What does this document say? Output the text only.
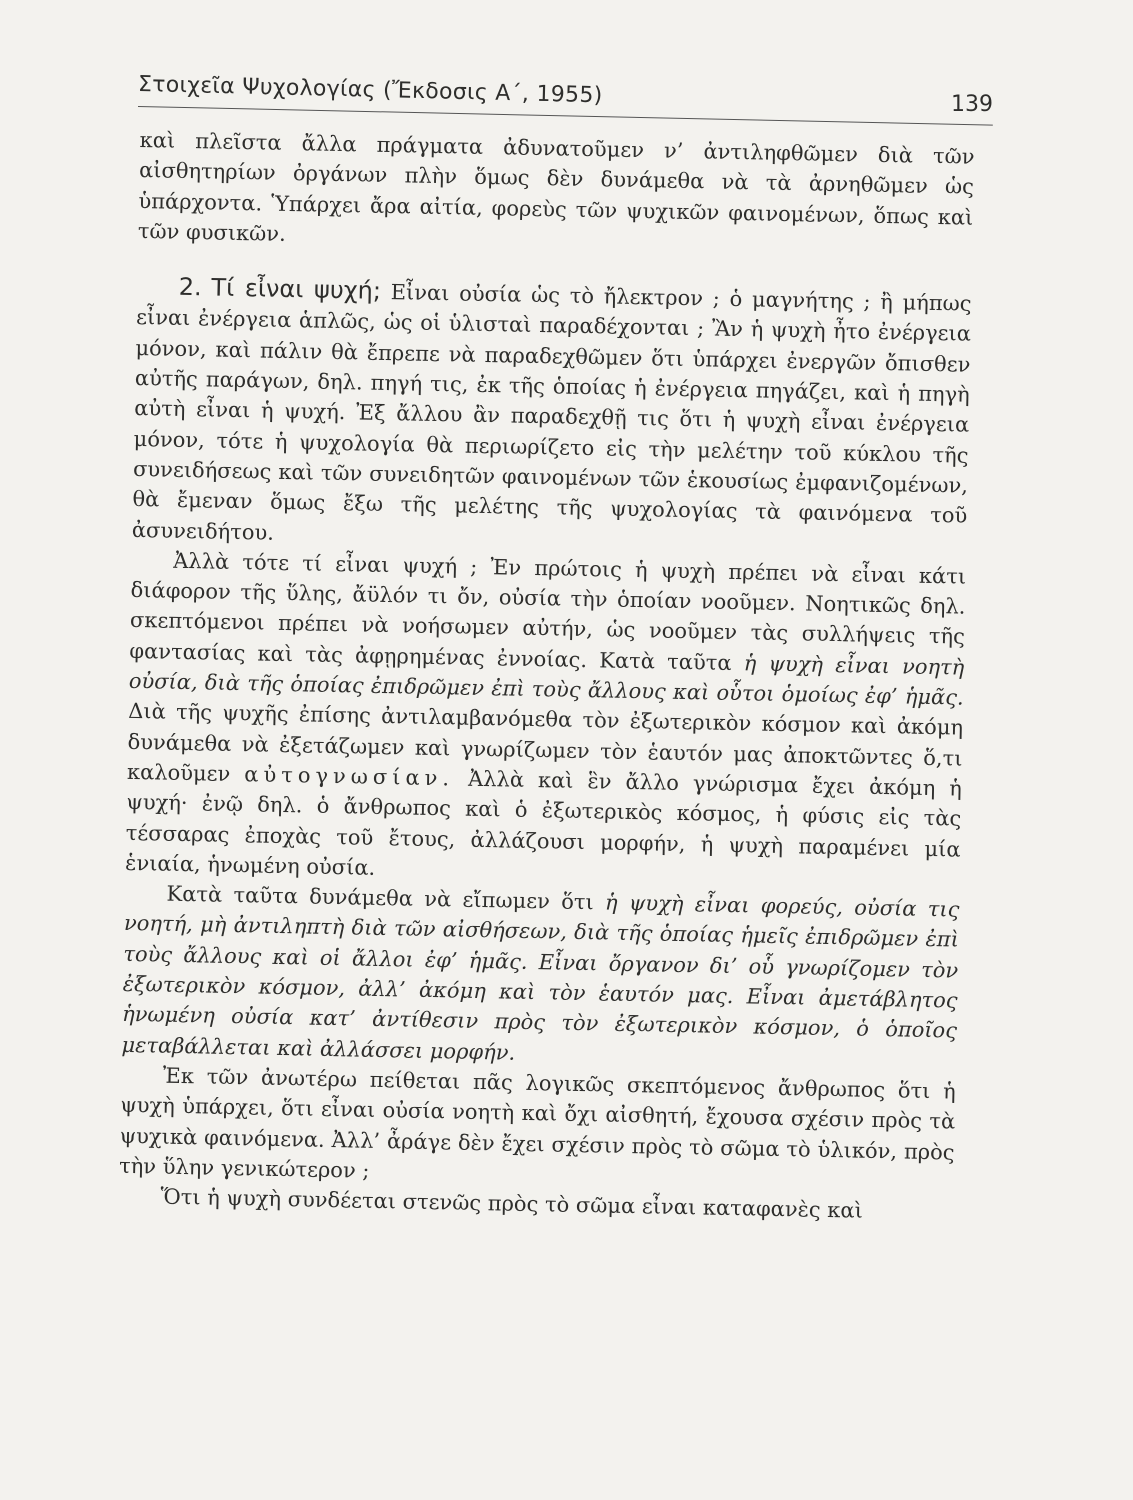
Στοιχεῖα Ψυχολογίας (Ἔκδοσις Α΄, 1955)	139

καὶ πλεῖστα ἄλλα πράγματα ἀδυνατοῦμεν ν’ ἀντιληφθῶμεν διὰ τῶν αἰσθητηρίων ὀργάνων πλὴν ὅμως δὲν δυνάμεθα νὰ τὰ ἀρνηθῶμεν ὡς ὑπάρχοντα. Ὑπάρχει ἄρα αἰτία, φορεὺς τῶν ψυχικῶν φαινομένων, ὅπως καὶ τῶν φυσικῶν.

2. Τί εἶναι ψυχή; Εἶναι οὐσία ὡς τὸ ἤλεκτρον ; ὁ μαγνήτης ; ἢ μήπως εἶναι ἐνέργεια ἁπλῶς, ὡς οἱ ὑλισταὶ παραδέχονται ; Ἂν ἡ ψυχὴ ἦτο ἐνέργεια μόνον, καὶ πάλιν θὰ ἔπρεπε νὰ παραδεχθῶμεν ὅτι ὑπάρχει ἐνεργῶν ὄπισθεν αὐτῆς παράγων, δηλ. πηγή τις, ἐκ τῆς ὁποίας ἡ ἐνέργεια πηγάζει, καὶ ἡ πηγὴ αὐτὴ εἶναι ἡ ψυχή. Ἐξ ἄλλου ἂν παραδεχθῇ τις ὅτι ἡ ψυχὴ εἶναι ἐνέργεια μόνον, τότε ἡ ψυχολογία θὰ περιωρίζετο εἰς τὴν μελέτην τοῦ κύκλου τῆς συνειδήσεως καὶ τῶν συνειδητῶν φαινομένων τῶν ἑκουσίως ἐμφανιζομένων, θὰ ἔμεναν ὅμως ἔξω τῆς μελέτης τῆς ψυχολογίας τὰ φαινόμενα τοῦ ἀσυνειδήτου.

Ἀλλὰ τότε τί εἶναι ψυχή ; Ἐν πρώτοις ἡ ψυχὴ πρέπει νὰ εἶναι κάτι διάφορον τῆς ὕλης, ἄϋλόν τι ὄν, οὐσία τὴν ὁποίαν νοοῦμεν. Νοητικῶς δηλ. σκεπτόμενοι πρέπει νὰ νοήσωμεν αὐτήν, ὡς νοοῦμεν τὰς συλλήψεις τῆς φαντασίας καὶ τὰς ἀφῃρημένας ἐννοίας. Κατὰ ταῦτα ἡ ψυχὴ εἶναι νοητὴ οὐσία, διὰ τῆς ὁποίας ἐπιδρῶμεν ἐπὶ τοὺς ἄλλους καὶ οὗτοι ὁμοίως ἐφ’ ἡμᾶς. Διὰ τῆς ψυχῆς ἐπίσης ἀντιλαμβανόμεθα τὸν ἐξωτερικὸν κόσμον καὶ ἀκόμη δυνάμεθα νὰ ἐξετάζωμεν καὶ γνωρίζωμεν τὸν ἑαυτόν μας ἀποκτῶντες ὅ,τι καλοῦμεν αὐτογνωσίαν. Ἀλλὰ καὶ ἓν ἄλλο γνώρισμα ἔχει ἀκόμη ἡ ψυχή· ἐνῷ δηλ. ὁ ἄνθρωπος καὶ ὁ ἐξωτερικὸς κόσμος, ἡ φύσις εἰς τὰς τέσσαρας ἐποχὰς τοῦ ἔτους, ἀλλάζουσι μορφήν, ἡ ψυχὴ παραμένει μία ἑνιαία, ἡνωμένη οὐσία.

Κατὰ ταῦτα δυνάμεθα νὰ εἴπωμεν ὅτι ἡ ψυχὴ εἶναι φορεύς, οὐσία τις νοητή, μὴ ἀντιληπτὴ διὰ τῶν αἰσθήσεων, διὰ τῆς ὁποίας ἡμεῖς ἐπιδρῶμεν ἐπὶ τοὺς ἄλλους καὶ οἱ ἄλλοι ἐφ’ ἡμᾶς. Εἶναι ὄργανον δι’ οὗ γνωρίζομεν τὸν ἐξωτερικὸν κόσμον, ἀλλ’ ἀκόμη καὶ τὸν ἑαυτόν μας. Εἶναι ἀμετάβλητος ἡνωμένη οὐσία κατ’ ἀντίθεσιν πρὸς τὸν ἐξωτερικὸν κόσμον, ὁ ὁποῖος μεταβάλλεται καὶ ἀλλάσσει μορφήν.

Ἐκ τῶν ἀνωτέρω πείθεται πᾶς λογικῶς σκεπτόμενος ἄνθρωπος ὅτι ἡ ψυχὴ ὑπάρχει, ὅτι εἶναι οὐσία νοητὴ καὶ ὄχι αἰσθητή, ἔχουσα σχέσιν πρὸς τὰ ψυχικὰ φαινόμενα. Ἀλλ’ ἆράγε δὲν ἔχει σχέσιν πρὸς τὸ σῶμα τὸ ὑλικόν, πρὸς τὴν ὕλην γενικώτερον ;

Ὅτι ἡ ψυχὴ συνδέεται στενῶς πρὸς τὸ σῶμα εἶναι καταφανὲς καὶ
